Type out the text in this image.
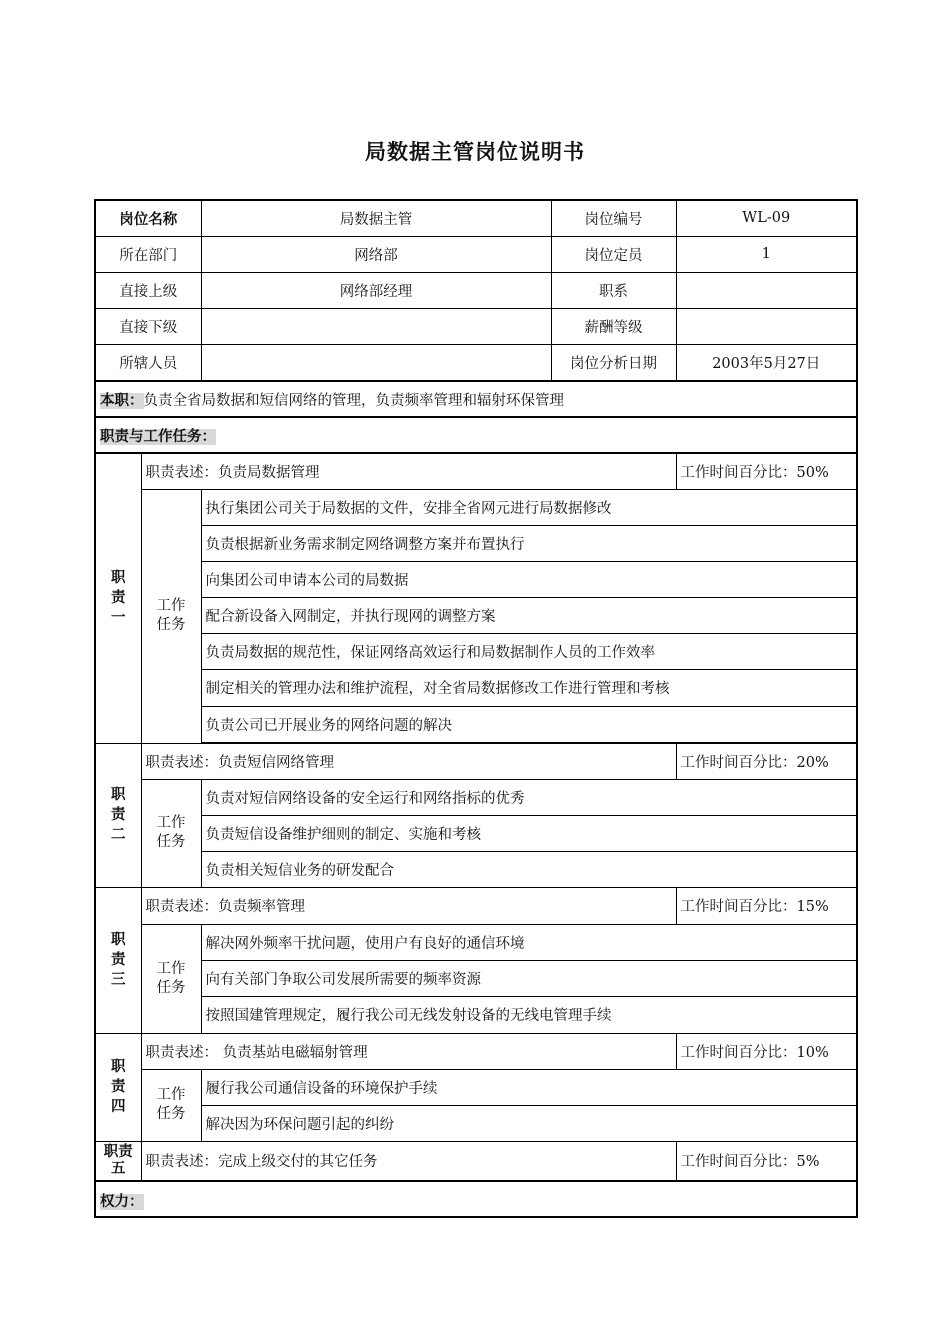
局数据主管岗位说明书
岗位名称		局数据主管	岗位编号	WL-09
所在部门		网络部	岗位定员	1
直接上级		网络部经理	职系	
直接下级			薪酬等级	
所辖人员			岗位分析日期	2003年5月27日
本职：负责全省局数据和短信网络的管理，负责频率管理和辐射环保管理				
职责与工作任务：				
职责一	职责表述：负责局数据管理			工作时间百分比：50%
	工作任务	执行集团公司关于局数据的文件，安排全省网元进行局数据修改		
		负责根据新业务需求制定网络调整方案并布置执行		
		向集团公司申请本公司的局数据		
		配合新设备入网制定，并执行现网的调整方案		
		负责局数据的规范性，保证网络高效运行和局数据制作人员的工作效率		
		制定相关的管理办法和维护流程，对全省局数据修改工作进行管理和考核		
		负责公司已开展业务的网络问题的解决		

职责二	职责表述：负责短信网络管理			工作时间百分比：20%
	工作任务	负责对短信网络设备的安全运行和网络指标的优秀		
		负责短信设备维护细则的制定、实施和考核		
		负责相关短信业务的研发配合		
职责三	职责表述：负责频率管理			工作时间百分比：15%
	工作任务	解决网外频率干扰问题，使用户有良好的通信环境		
		向有关部门争取公司发展所需要的频率资源		
		按照国建管理规定，履行我公司无线发射设备的无线电管理手续		
职责四	职责表述： 负责基站电磁辐射管理			工作时间百分比：10%
	工作任务	履行我公司通信设备的环境保护手续		
		解决因为环保问题引起的纠纷		
职责五	职责表述：完成上级交付的其它任务			工作时间百分比：5%
权力：				
